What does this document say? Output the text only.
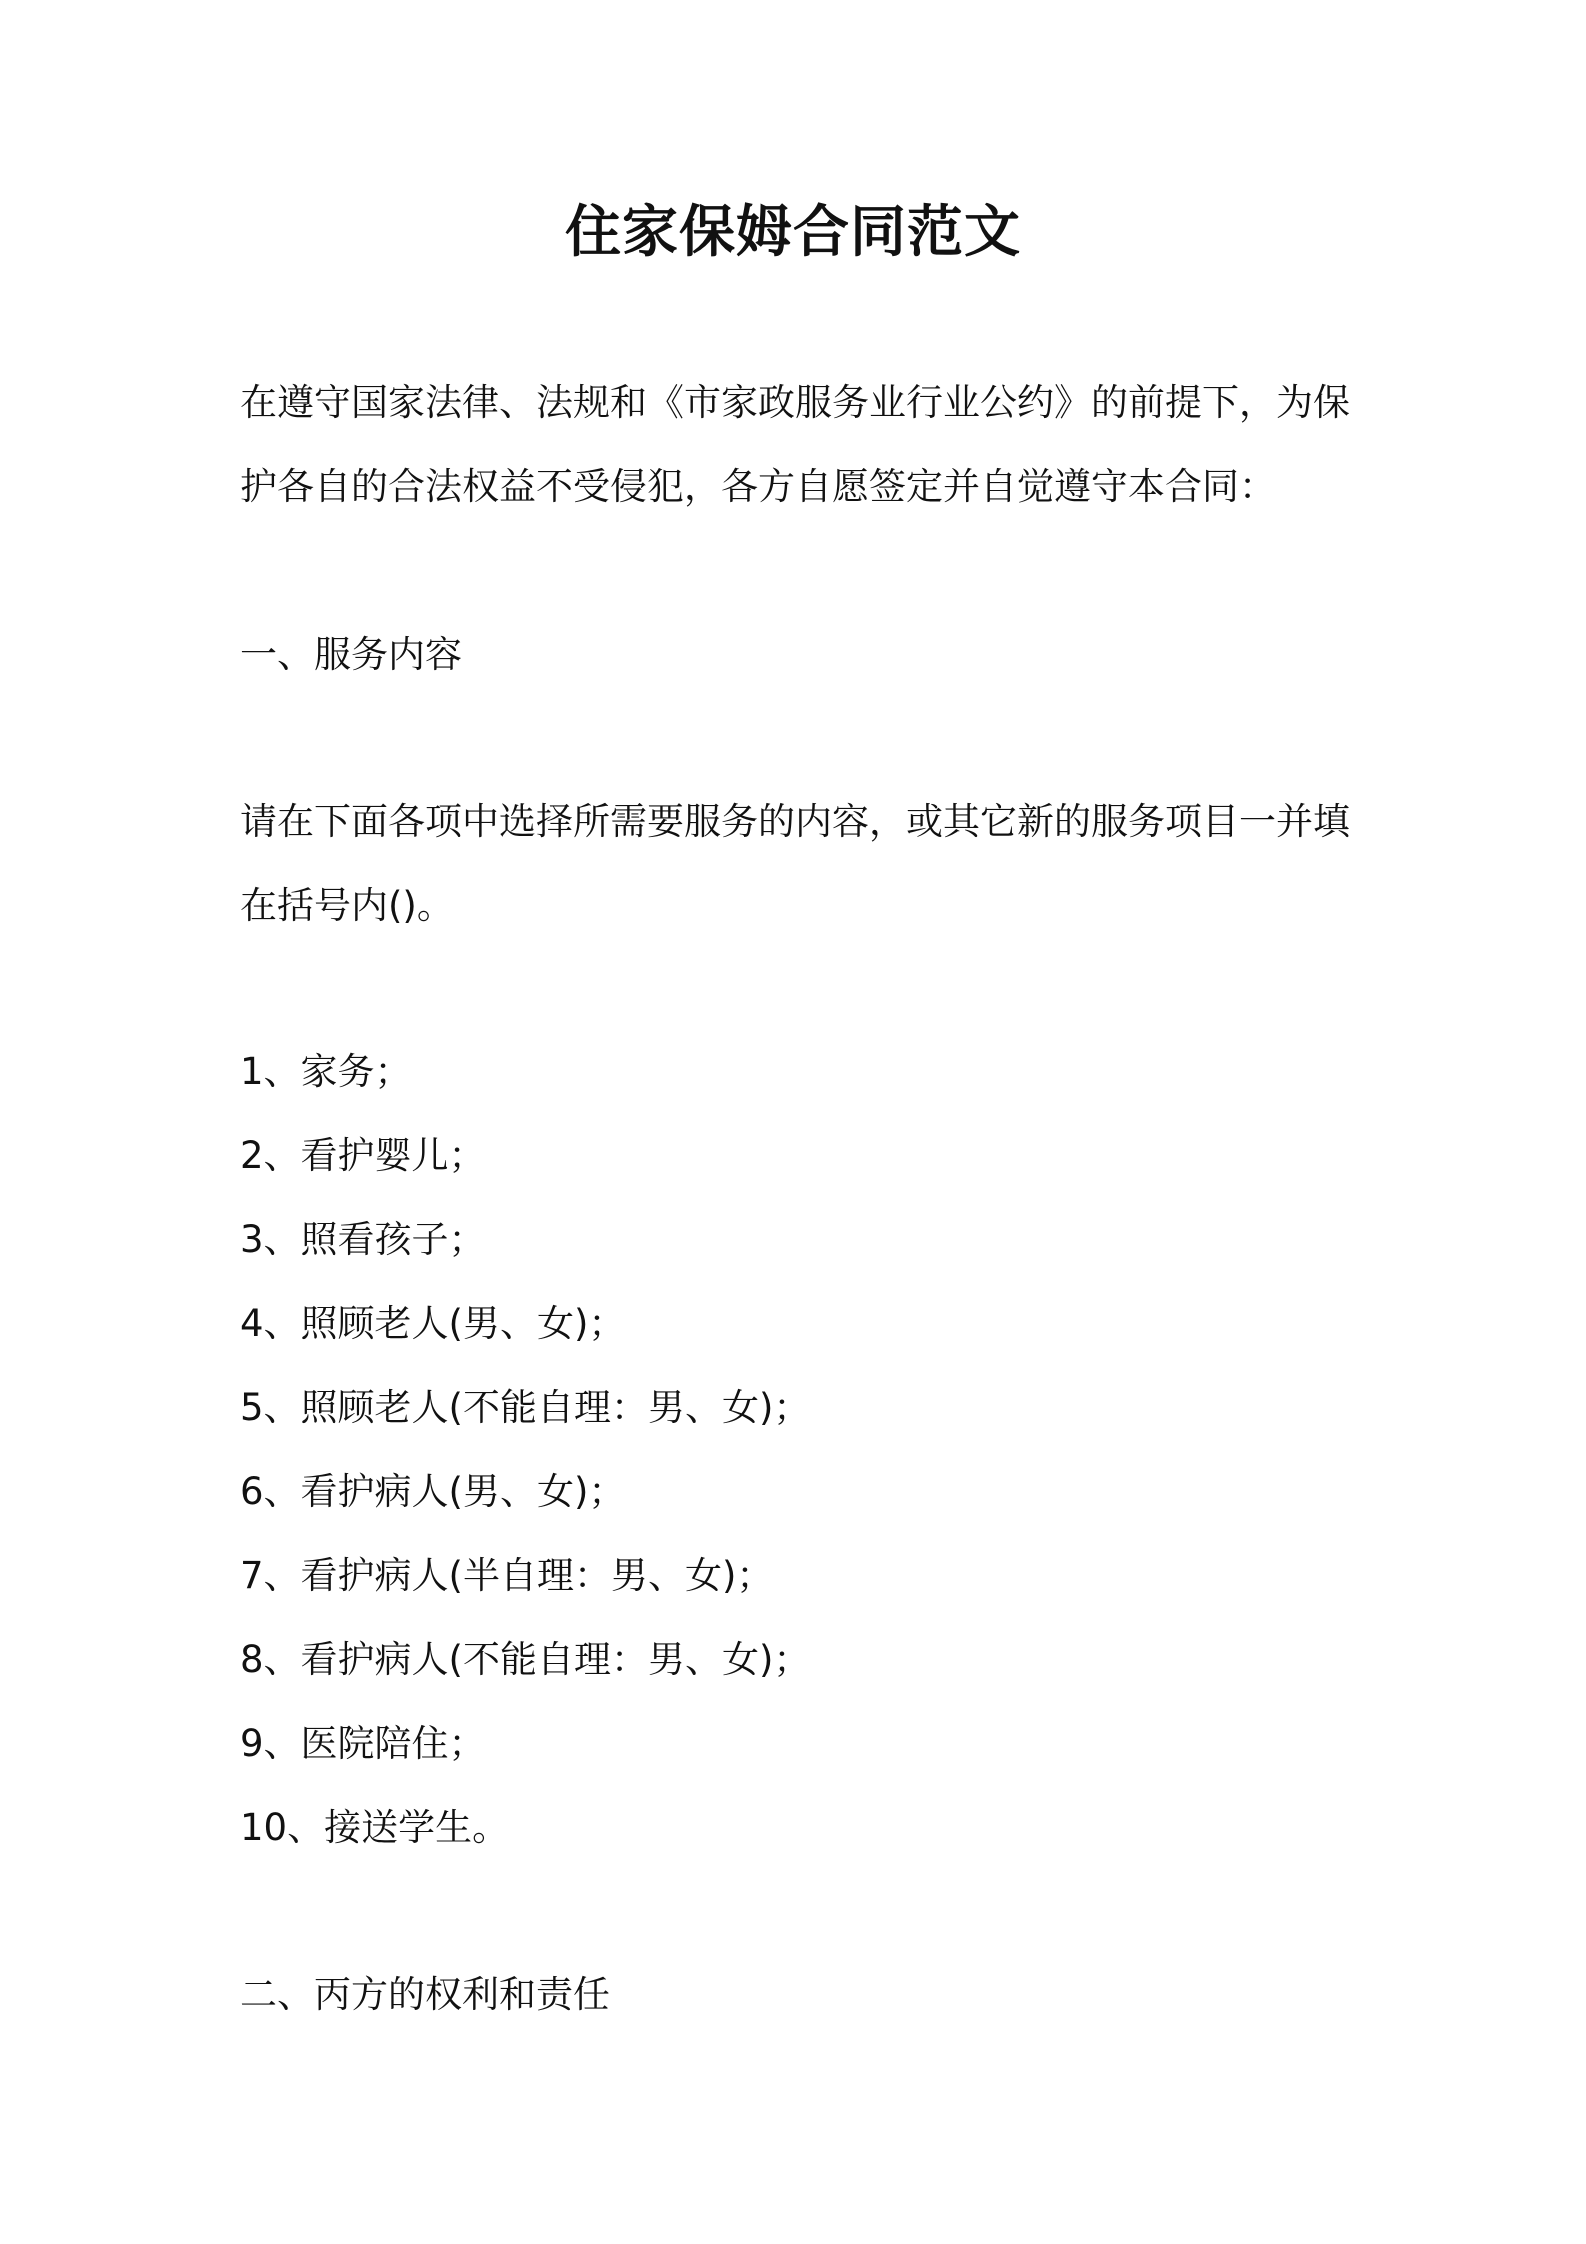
住家保姆合同范文
在遵守国家法律、法规和《市家政服务业行业公约》的前提下，为保
护各自的合法权益不受侵犯，各方自愿签定并自觉遵守本合同：
一、服务内容
请在下面各项中选择所需要服务的内容，或其它新的服务项目一并填
在括号内()。
1、家务；
2、看护婴儿；
3、照看孩子；
4、照顾老人(男、女)；
5、照顾老人(不能自理：男、女)；
6、看护病人(男、女)；
7、看护病人(半自理：男、女)；
8、看护病人(不能自理：男、女)；
9、医院陪住；
10、接送学生。
二、丙方的权利和责任
